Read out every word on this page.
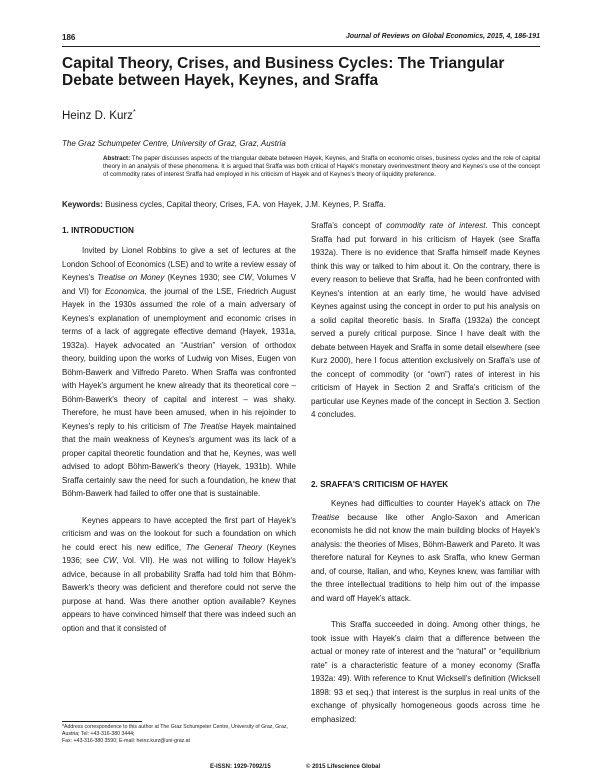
186	Journal of Reviews on Global Economics, 2015, 4, 186-191
Capital Theory, Crises, and Business Cycles: The Triangular Debate between Hayek, Keynes, and Sraffa
Heinz D. Kurz*
The Graz Schumpeter Centre, University of Graz, Graz, Austria
Abstract: The paper discusses aspects of the triangular debate between Hayek, Keynes, and Sraffa on economic crises, business cycles and the role of capital theory in an analysis of these phenomena. It is argued that Sraffa was both critical of Hayek's monetary overinvestment theory and Keynes's use of the concept of commodity rates of interest Sraffa had employed in his criticism of Hayek and of Keynes's theory of liquidity preference.
Keywords: Business cycles, Capital theory, Crises, F.A. von Hayek, J.M. Keynes, P. Sraffa.
1. INTRODUCTION

Invited by Lionel Robbins to give a set of lectures at the London School of Economics (LSE) and to write a review essay of Keynes's Treatise on Money (Keynes 1930; see CW, Volumes V and VI) for Economica, the journal of the LSE, Friedrich August Hayek in the 1930s assumed the role of a main adversary of Keynes's explanation of unemployment and economic crises in terms of a lack of aggregate effective demand (Hayek, 1931a, 1932a). Hayek advocated an “Austrian” version of orthodox theory, building upon the works of Ludwig von Mises, Eugen von Böhm-Bawerk and Vilfredo Pareto. When Sraffa was confronted with Hayek's argument he knew already that its theoretical core – Böhm-Bawerk's theory of capital and interest – was shaky. Therefore, he must have been amused, when in his rejoinder to Keynes's reply to his criticism of The Treatise Hayek maintained that the main weakness of Keynes's argument was its lack of a proper capital theoretic foundation and that he, Keynes, was well advised to adopt Böhm-Bawerk's theory (Hayek, 1931b). While Sraffa certainly saw the need for such a foundation, he knew that Böhm-Bawerk had failed to offer one that is sustainable.

Keynes appears to have accepted the first part of Hayek's criticism and was on the lookout for such a foundation on which he could erect his new edifice, The General Theory (Keynes 1936; see CW, Vol. VII). He was not willing to follow Hayek's advice, because in all probability Sraffa had told him that Böhm-Bawerk's theory was deficient and therefore could not serve the purpose at hand. Was there another option available? Keynes appears to have convinced himself that there was indeed such an option and that it consisted of

*Address correspondence to this author at The Graz Schumpeter Centre, University of Graz, Graz, Austria; Tel: +43-316-380 3444;
Fax: +43-316-380 3590; E-mail: heinz.kurz@uni-graz.at

Sraffa's concept of commodity rate of interest. This concept Sraffa had put forward in his criticism of Hayek (see Sraffa 1932a). There is no evidence that Sraffa himself made Keynes think this way or talked to him about it. On the contrary, there is every reason to believe that Sraffa, had he been confronted with Keynes's intention at an early time, he would have advised Keynes against using the concept in order to put his analysis on a solid capital theoretic basis. In Sraffa (1932a) the concept served a purely critical purpose. Since I have dealt with the debate between Hayek and Sraffa in some detail elsewhere (see Kurz 2000), here I focus attention exclusively on Sraffa's use of the concept of commodity (or “own”) rates of interest in his criticism of Hayek in Section 2 and Sraffa's criticism of the particular use Keynes made of the concept in Section 3. Section 4 concludes.

2. SRAFFA'S CRITICISM OF HAYEK

Keynes had difficulties to counter Hayek's attack on The Treatise because like other Anglo-Saxon and American economists he did not know the main building blocks of Hayek's analysis: the theories of Mises, Böhm-Bawerk and Pareto. It was therefore natural for Keynes to ask Sraffa, who knew German and, of course, Italian, and who, Keynes knew, was familiar with the three intellectual traditions to help him out of the impasse and ward off Hayek's attack.

This Sraffa succeeded in doing. Among other things, he took issue with Hayek's claim that a difference between the actual or money rate of interest and the “natural” or “equilibrium rate” is a characteristic feature of a money economy (Sraffa 1932a: 49). With reference to Knut Wicksell's definition (Wicksell 1898: 93 et seq.) that interest is the surplus in real units of the exchange of physically homogeneous goods across time he emphasized:

E-ISSN: 1929-7092/15	© 2015 Lifescience Global
